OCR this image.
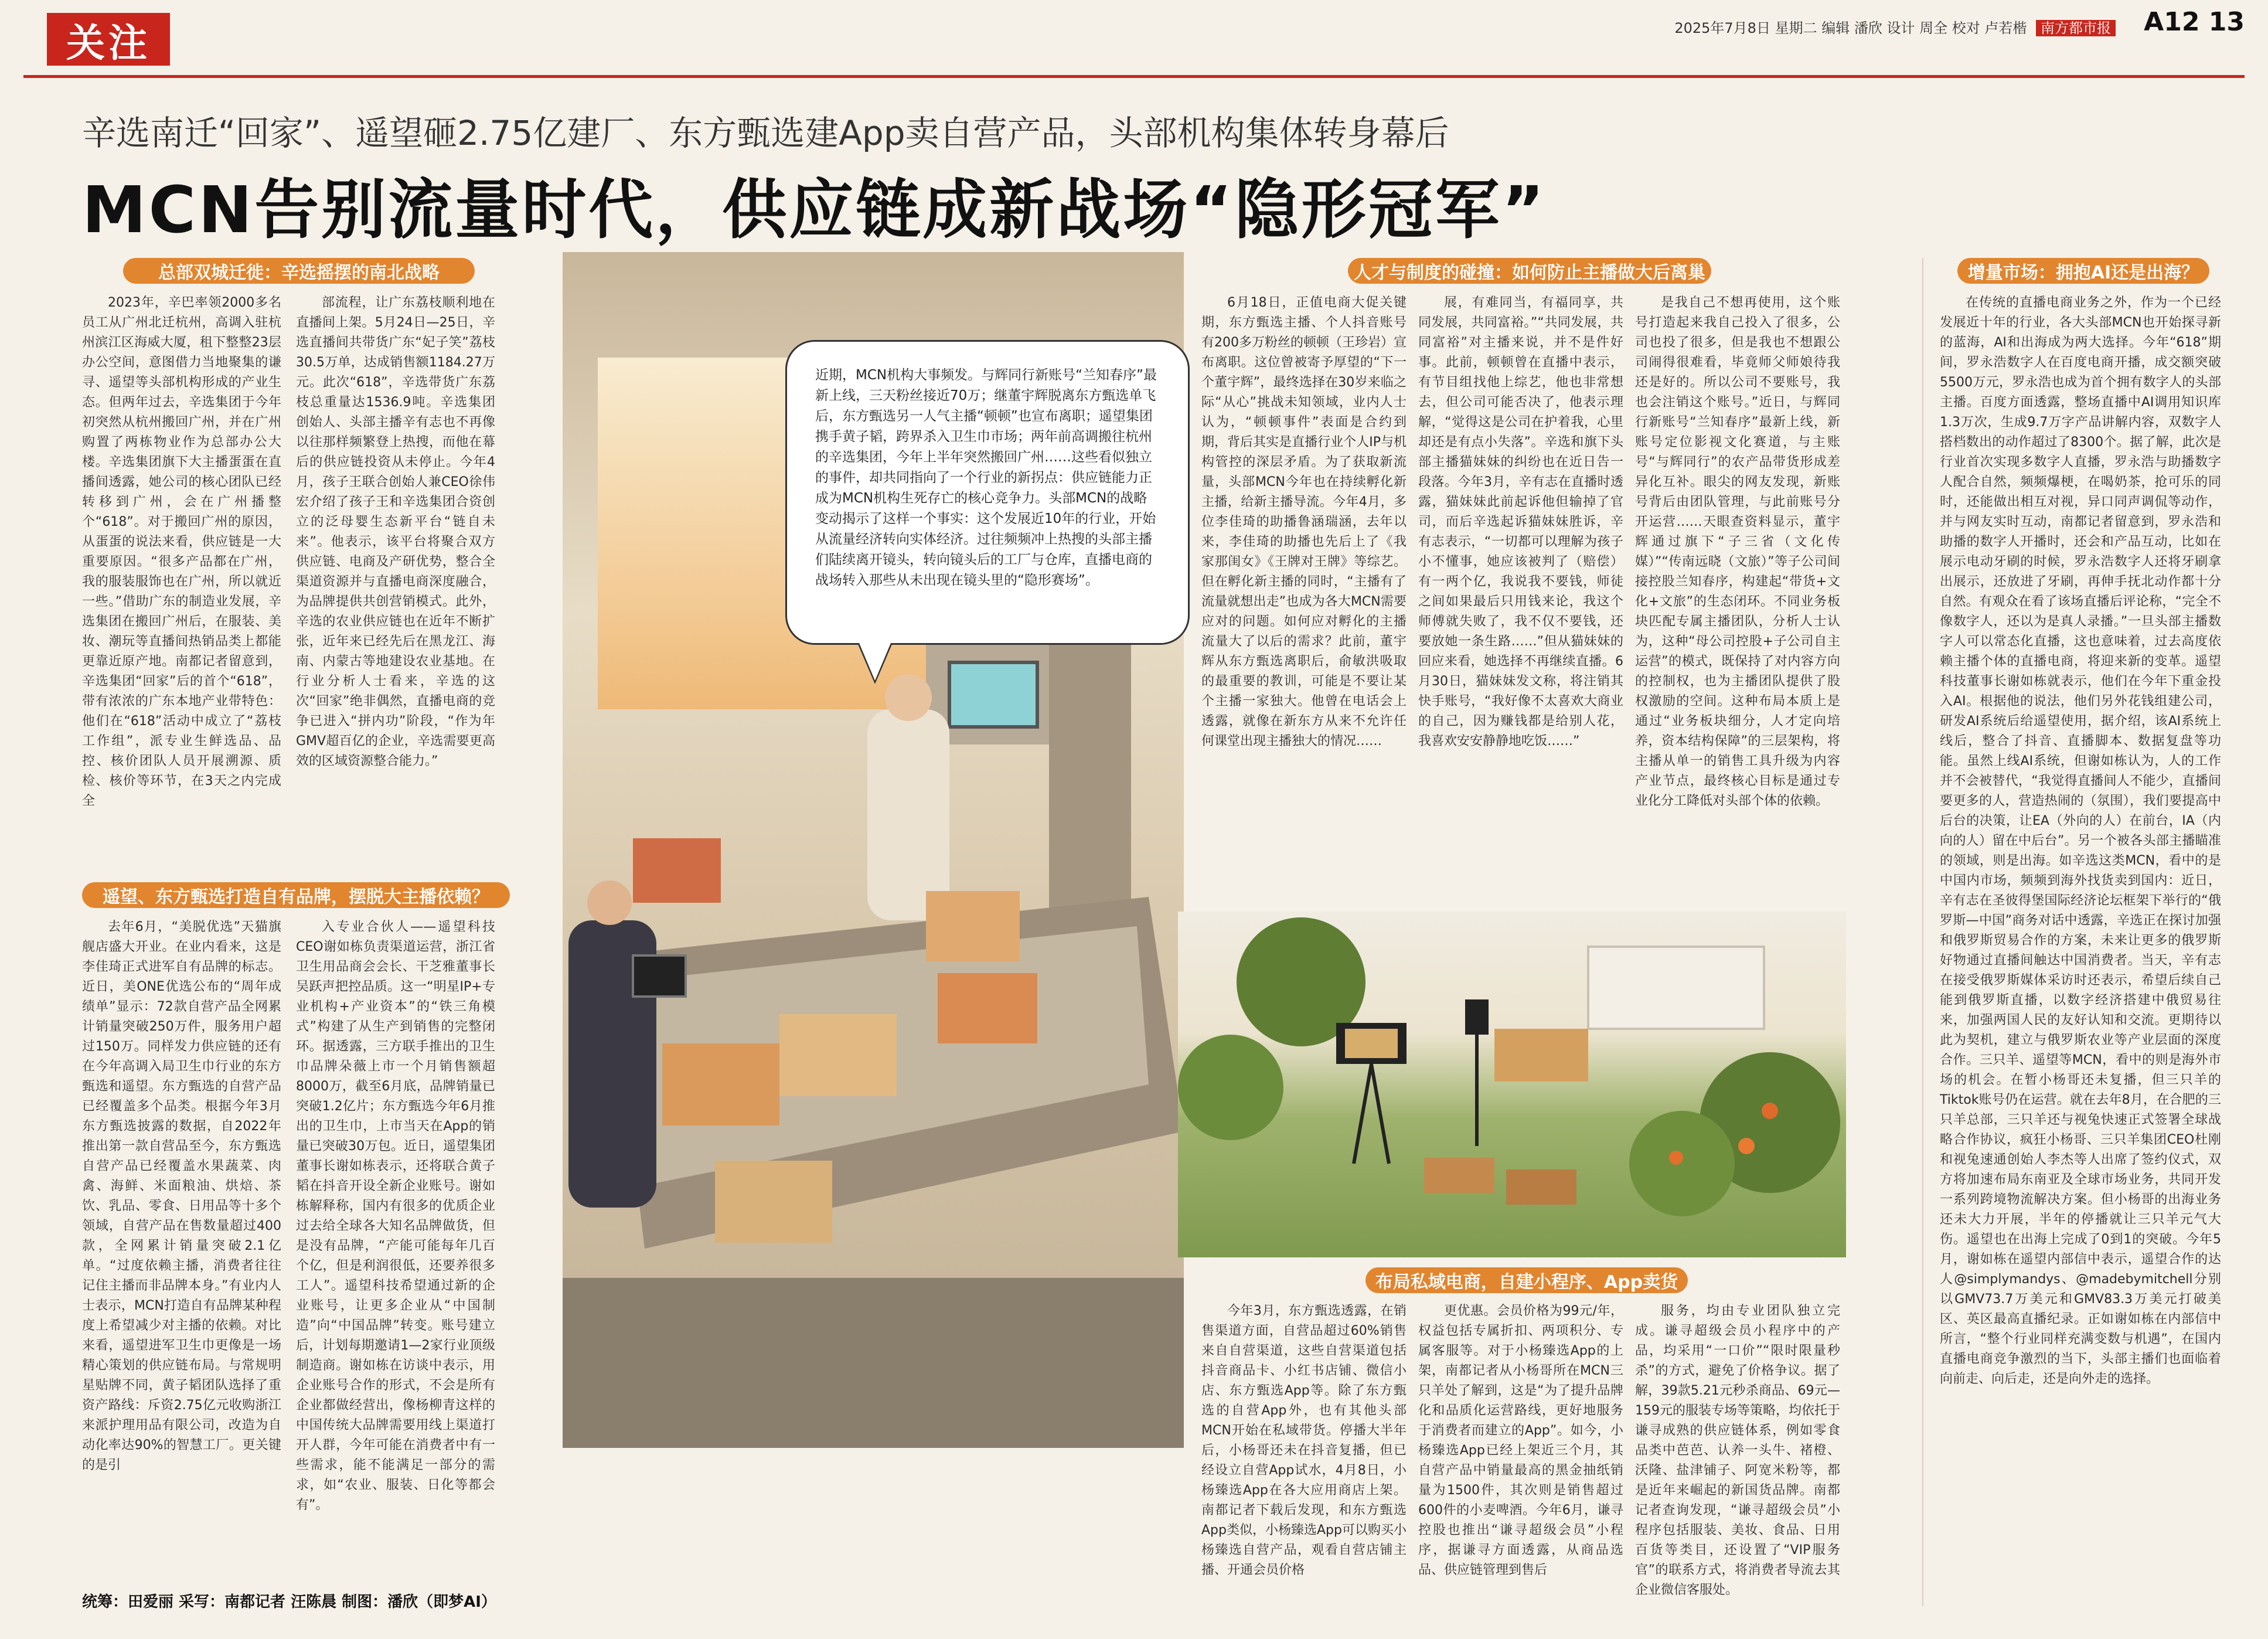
关注	2025年7月8日 星期二 编辑 潘欣 设计 周全 校对 卢若楷 南方都市报 A12 13
辛选南迁“回家”、遥望砸2.75亿建厂、东方甄选建App卖自营产品，头部机构集体转身幕后
MCN告别流量时代，供应链成新战场“隐形冠军”
总部双城迁徙：辛选摇摆的南北战略

2023年，辛巴率领2000多名员工从广州北迁杭州，高调入驻杭州滨江区海威大厦，租下整整23层办公空间，意图借力当地聚集的谦寻、遥望等头部机构形成的产业生态。但两年过去，辛选集团于今年初突然从杭州搬回广州，并在广州购置了两栋物业作为总部办公大楼。辛选集团旗下大主播蛋蛋在直播间透露，她公司的核心团队已经转移到广州，会在广州播整个“618”。对于搬回广州的原因，从蛋蛋的说法来看，供应链是一大重要原因。“很多产品都在广州，我的服装服饰也在广州，所以就近一些。”借助广东的制造业发展，辛选集团在搬回广州后，在服装、美妆、潮玩等直播间热销品类上都能更靠近原产地。南都记者留意到，辛选集团“回家”后的首个“618”，带有浓浓的广东本地产业带特色：他们在“618”活动中成立了“荔枝工作组”，派专业生鲜选品、品控、核价团队人员开展溯源、质检、核价等环节，在3天之内完成全

部流程，让广东荔枝顺利地在直播间上架。5月24日—25日，辛选直播间共带货广东“妃子笑”荔枝30.5万单，达成销售额1184.27万元。此次“618”，辛选带货广东荔枝总重量达1536.9吨。辛选集团创始人、头部主播辛有志也不再像以往那样频繁登上热搜，而他在幕后的供应链投资从未停止。今年4月，孩子王联合创始人兼CEO徐伟宏介绍了孩子王和辛选集团合资创立的泛母婴生态新平台“链自未来”。他表示，该平台将聚合双方供应链、电商及产研优势，整合全渠道资源并与直播电商深度融合，为品牌提供共创营销模式。此外，辛选的农业供应链也在近年不断扩张，近年来已经先后在黑龙江、海南、内蒙古等地建设农业基地。在行业分析人士看来，辛选的这次“回家”绝非偶然，直播电商的竞争已进入“拼内功”阶段，“作为年GMV超百亿的企业，辛选需要更高效的区域资源整合能力。”

遥望、东方甄选打造自有品牌，摆脱大主播依赖？

去年6月，“美脱优选”天猫旗舰店盛大开业。在业内看来，这是李佳琦正式进军自有品牌的标志。近日，美ONE优选公布的“周年成绩单”显示：72款自营产品全网累计销量突破250万件，服务用户超过150万。同样发力供应链的还有在今年高调入局卫生巾行业的东方甄选和遥望。东方甄选的自营产品已经覆盖多个品类。根据今年3月东方甄选披露的数据，自2022年推出第一款自营品至今，东方甄选自营产品已经覆盖水果蔬菜、肉禽、海鲜、米面粮油、烘焙、茶饮、乳品、零食、日用品等十多个领域，自营产品在售数量超过400款，全网累计销量突破2.1亿单。“过度依赖主播，消费者往往记住主播而非品牌本身。”有业内人士表示，MCN打造自有品牌某种程度上希望减少对主播的依赖。对比来看，遥望进军卫生巾更像是一场精心策划的供应链布局。与常规明星贴牌不同，黄子韬团队选择了重资产路线：斥资2.75亿元收购浙江来派护理用品有限公司，改造为自动化率达90%的智慧工厂。更关键的是引

入专业合伙人——遥望科技CEO谢如栋负责渠道运营，浙江省卫生用品商会会长、干芝雅董事长吴跃声把控品质。这一“明星IP+专业机构+产业资本”的“铁三角模式”构建了从生产到销售的完整闭环。据透露，三方联手推出的卫生巾品牌朵薇上市一个月销售额超8000万，截至6月底，品牌销量已突破1.2亿片；东方甄选今年6月推出的卫生巾，上市当天在App的销量已突破30万包。近日，遥望集团董事长谢如栋表示，还将联合黄子韬在抖音开设全新企业账号。谢如栋解释称，国内有很多的优质企业过去给全球各大知名品牌做货，但是没有品牌，“产能可能每年几百个亿，但是利润很低，还要养很多工人”。遥望科技希望通过新的企业账号，让更多企业从“中国制造”向“中国品牌”转变。账号建立后，计划每期邀请1—2家行业顶级制造商。谢如栋在访谈中表示，用企业账号合作的形式，不会是所有企业都做经营出，像杨柳青这样的中国传统大品牌需要用线上渠道打开人群，今年可能在消费者中有一些需求，能不能满足一部分的需求，如“农业、服装、日化等都会有”。

近期，MCN机构大事频发。与辉同行新账号“兰知春序”最新上线，三天粉丝接近70万；继董宇辉脱离东方甄选单飞后，东方甄选另一人气主播“顿顿”也宣布离职；遥望集团携手黄子韬，跨界杀入卫生巾市场；两年前高调搬往杭州的辛选集团，今年上半年突然搬回广州……这些看似独立的事件，却共同指向了一个行业的新拐点：供应链能力正成为MCN机构生死存亡的核心竞争力。头部MCN的战略变动揭示了这样一个事实：这个发展近10年的行业，开始从流量经济转向实体经济。过往频频冲上热搜的头部主播们陆续离开镜头，转向镜头后的工厂与仓库，直播电商的战场转入那些从未出现在镜头里的“隐形赛场”。
人才与制度的碰撞：如何防止主播做大后离巢

6月18日，正值电商大促关键期，东方甄选主播、个人抖音账号有200多万粉丝的顿顿（王珍岩）宣布离职。这位曾被寄予厚望的“下一个董宇辉”，最终选择在30岁来临之际“从心”挑战未知领域，业内人士认为，“顿顿事件”表面是合约到期，背后其实是直播行业个人IP与机构管控的深层矛盾。为了获取新流量，头部MCN今年也在持续孵化新主播，给新主播导流。今年4月，多位李佳琦的助播鲁涵瑞涵，去年以来，李佳琦的助播也先后上了《我家那闺女》《王牌对王牌》等综艺。但在孵化新主播的同时，“主播有了流量就想出走”也成为各大MCN需要应对的问题。如何应对孵化的主播流量大了以后的需求？此前，董宇辉从东方甄选离职后，俞敏洪吸取的最重要的教训，可能是不要让某个主播一家独大。他曾在电话会上透露，就像在新东方从来不允许任何课堂出现主播独大的情况……

展，有难同当，有福同享，共同发展，共同富裕。”“共同发展，共同富裕”对主播来说，并不是件好事。此前，顿顿曾在直播中表示，有节目组找他上综艺，他也非常想去，但公司可能否决了，他表示理解，“觉得这是公司在护着我，心里却还是有点小失落”。辛选和旗下头部主播猫妹妹的纠纷也在近日告一段落。今年3月，辛有志在直播时透露，猫妹妹此前起诉他但输掉了官司，而后辛选起诉猫妹妹胜诉，辛有志表示，“一切都可以理解为孩子小不懂事，她应该被判了（赔偿）有一两个亿，我说我不要钱，师徒之间如果最后只用钱来论，我这个师傅就失败了，我不仅不要钱，还要放她一条生路……”但从猫妹妹的回应来看，她选择不再继续直播。6月30日，猫妹妹发文称，将注销其快手账号，“我好像不太喜欢大商业的自己，因为赚钱都是给别人花，我喜欢安安静静地吃饭……”

是我自己不想再使用，这个账号打造起来我自己投入了很多，公司也投了很多，但是我也不想跟公司闹得很难看，毕竟师父师娘待我还是好的。所以公司不要账号，我也会注销这个账号。”近日，与辉同行新账号“兰知春序”最新上线，新账号定位影视文化赛道，与主账号“与辉同行”的农产品带货形成差异化互补。眼尖的网友发现，新账号背后由团队管理，与此前账号分开运营……天眼查资料显示，董宇辉通过旗下“子三省（文化传媒）”“传南远晓（文旅）”等子公司间接控股兰知春序，构建起“带货+文化+文旅”的生态闭环。不同业务板块匹配专属主播团队，分析人士认为，这种“母公司控股+子公司自主运营”的模式，既保持了对内容方向的控制权，也为主播团队提供了股权激励的空间。这种布局本质上是通过“业务板块细分，人才定向培养，资本结构保障”的三层架构，将主播从单一的销售工具升级为内容产业节点，最终核心目标是通过专业化分工降低对头部个体的依赖。

布局私域电商，自建小程序、App卖货

今年3月，东方甄选透露，在销售渠道方面，自营品超过60%销售来自自营渠道，这些自营渠道包括抖音商品卡、小红书店铺、微信小店、东方甄选App等。除了东方甄选的自营App外，也有其他头部MCN开始在私域带货。停播大半年后，小杨哥还未在抖音复播，但已经设立自营App试水，4月8日，小杨臻选App在各大应用商店上架。南都记者下载后发现，和东方甄选App类似，小杨臻选App可以购买小杨臻选自营产品，观看自营店铺主播、开通会员价格

更优惠。会员价格为99元/年，权益包括专属折扣、两项积分、专属客服等。对于小杨臻选App的上架，南都记者从小杨哥所在MCN三只羊处了解到，这是“为了提升品牌化和品质化运营路线，更好地服务于消费者而建立的App”。如今，小杨臻选App已经上架近三个月，其自营产品中销量最高的黑金抽纸销量为1500件，其次则是销售超过600件的小麦啤酒。今年6月，谦寻控股也推出“谦寻超级会员”小程序，据谦寻方面透露，从商品选品、供应链管理到售后

服务，均由专业团队独立完成。谦寻超级会员小程序中的产品，均采用“一口价”“限时限量秒杀”的方式，避免了价格争议。据了解，39款5.21元秒杀商品、69元—159元的服装专场等策略，均依托于谦寻成熟的供应链体系，例如零食品类中芭芭、认养一头牛、褚橙、沃隆、盐津铺子、阿宽米粉等，都是近年来崛起的新国货品牌。南都记者查询发现，“谦寻超级会员”小程序包括服装、美妆、食品、日用百货等类目，还设置了“VIP服务官”的联系方式，将消费者导流去其企业微信客服处。

增量市场：拥抱AI还是出海？

在传统的直播电商业务之外，作为一个已经发展近十年的行业，各大头部MCN也开始探寻新的蓝海，AI和出海成为两大选择。今年“618”期间，罗永浩数字人在百度电商开播，成交额突破5500万元，罗永浩也成为首个拥有数字人的头部主播。百度方面透露，整场直播中AI调用知识库1.3万次，生成9.7万字产品讲解内容，双数字人搭档数出的动作超过了8300个。据了解，此次是行业首次实现多数字人直播，罗永浩与助播数字人配合自然，频频爆梗，在喝奶茶，抢可乐的同时，还能做出相互对视，异口同声调侃等动作，并与网友实时互动，南都记者留意到，罗永浩和助播的数字人开播时，还会和产品互动，比如在展示电动牙刷的时候，罗永浩数字人还将牙刷拿出展示，还放进了牙刷，再伸手抚北动作都十分自然。有观众在看了该场直播后评论称，“完全不像数字人，还以为是真人录播。”一旦头部主播数字人可以常态化直播，这也意味着，过去高度依赖主播个体的直播电商，将迎来新的变革。遥望科技董事长谢如栋就表示，他们在今年下重金投入AI。根据他的说法，他们另外花钱组建公司，研发AI系统后给遥望使用，据介绍，该AI系统上线后，整合了抖音、直播脚本、数据复盘等功能。虽然上线AI系统，但谢如栋认为，人的工作并不会被替代，“我觉得直播间人不能少，直播间要更多的人，营造热闹的（氛围），我们要提高中后台的决策，让EA（外向的人）在前台，IA（内向的人）留在中后台”。另一个被各头部主播瞄准的领域，则是出海。如辛选这类MCN，看中的是中国内市场，频频到海外找货卖到国内：近日，辛有志在圣彼得堡国际经济论坛框架下举行的“俄罗斯—中国”商务对话中透露，辛选正在探讨加强和俄罗斯贸易合作的方案，未来让更多的俄罗斯好物通过直播间触达中国消费者。当天，辛有志在接受俄罗斯媒体采访时还表示，希望后续自己能到俄罗斯直播，以数字经济搭建中俄贸易往来，加强两国人民的友好认知和交流。更期待以此为契机，建立与俄罗斯农业等产业层面的深度合作。三只羊、遥望等MCN，看中的则是海外市场的机会。在暂小杨哥还未复播，但三只羊的Tiktok账号仍在运营。就在去年8月，在合肥的三只羊总部，三只羊还与视兔快速正式签署全球战略合作协议，疯狂小杨哥、三只羊集团CEO杜刚和视兔速通创始人李杰等人出席了签约仪式，双方将加速布局东南亚及全球市场业务，共同开发一系列跨境物流解决方案。但小杨哥的出海业务还未大力开展，半年的停播就让三只羊元气大伤。遥望也在出海上完成了0到1的突破。今年5月，谢如栋在遥望内部信中表示，遥望合作的达人@simplymandys、@madebymitchell分别以GMV73.7万美元和GMV83.3万美元打破美区、英区最高直播纪录。正如谢如栋在内部信中所言，“整个行业同样充满变数与机遇”，在国内直播电商竞争激烈的当下，头部主播们也面临着向前走、向后走，还是向外走的选择。

统筹：田爱丽 采写：南都记者 汪陈晨 制图：潘欣（即梦AI）
